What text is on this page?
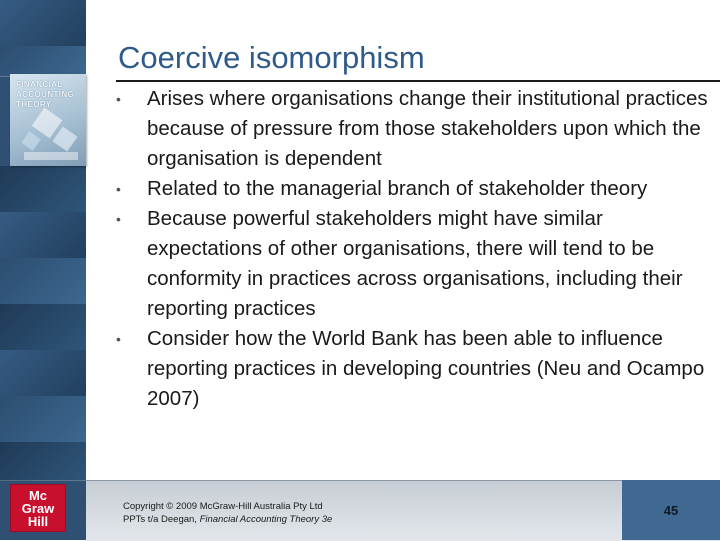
FINANCIAL
ACCOUNTING
THEORY
Mc
Graw
Hill
Coercive isomorphism
• Arises where organisations change their institutional practices because of pressure from those stakeholders upon which the organisation is dependent
• Related to the managerial branch of stakeholder theory
• Because powerful stakeholders might have similar expectations of other organisations, there will tend to be conformity in practices across organisations, including their reporting practices
• Consider how the World Bank has been able to influence reporting practices in developing countries (Neu and Ocampo 2007)
Copyright © 2009 McGraw-Hill Australia Pty Ltd
PPTs t/a Deegan, Financial Accounting Theory 3e
45
